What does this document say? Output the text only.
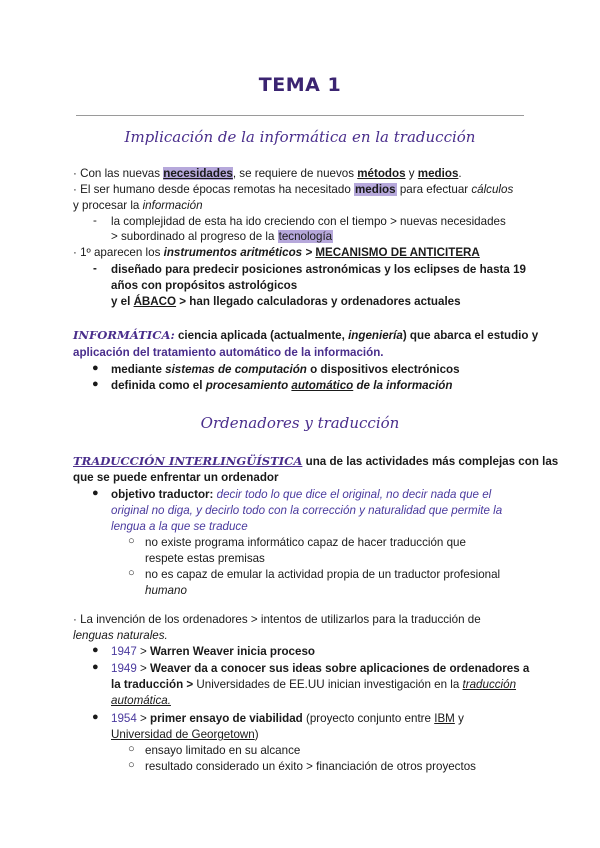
TEMA 1
Implicación de la informática en la traducción
· Con las nuevas necesidades, se requiere de nuevos métodos y medios.
· El ser humano desde épocas remotas ha necesitado medios para efectuar cálculos
y procesar la información
- la complejidad de esta ha ido creciendo con el tiempo > nuevas necesidades
> subordinado al progreso de la tecnología
· 1º aparecen los instrumentos aritméticos > MECANISMO DE ANTICITERA
- diseñado para predecir posiciones astronómicas y los eclipses de hasta 19
años con propósitos astrológicos
y el ÁBACO > han llegado calculadoras y ordenadores actuales
INFORMÁTICA: ciencia aplicada (actualmente, ingeniería) que abarca el estudio y
aplicación del tratamiento automático de la información.
● mediante sistemas de computación o dispositivos electrónicos
● definida como el procesamiento automático de la información
Ordenadores y traducción
TRADUCCIÓN INTERLINGÜÍSTICA una de las actividades más complejas con las
que se puede enfrentar un ordenador
● objetivo traductor: decir todo lo que dice el original, no decir nada que el
original no diga, y decirlo todo con la corrección y naturalidad que permite la
lengua a la que se traduce
○ no existe programa informático capaz de hacer traducción que
respete estas premisas
○ no es capaz de emular la actividad propia de un traductor profesional
humano
· La invención de los ordenadores > intentos de utilizarlos para la traducción de
lenguas naturales.
● 1947 > Warren Weaver inicia proceso
● 1949 > Weaver da a conocer sus ideas sobre aplicaciones de ordenadores a
la traducción > Universidades de EE.UU inician investigación en la traducción
automática.
● 1954 > primer ensayo de viabilidad (proyecto conjunto entre IBM y
Universidad de Georgetown)
○ ensayo limitado en su alcance
○ resultado considerado un éxito > financiación de otros proyectos
